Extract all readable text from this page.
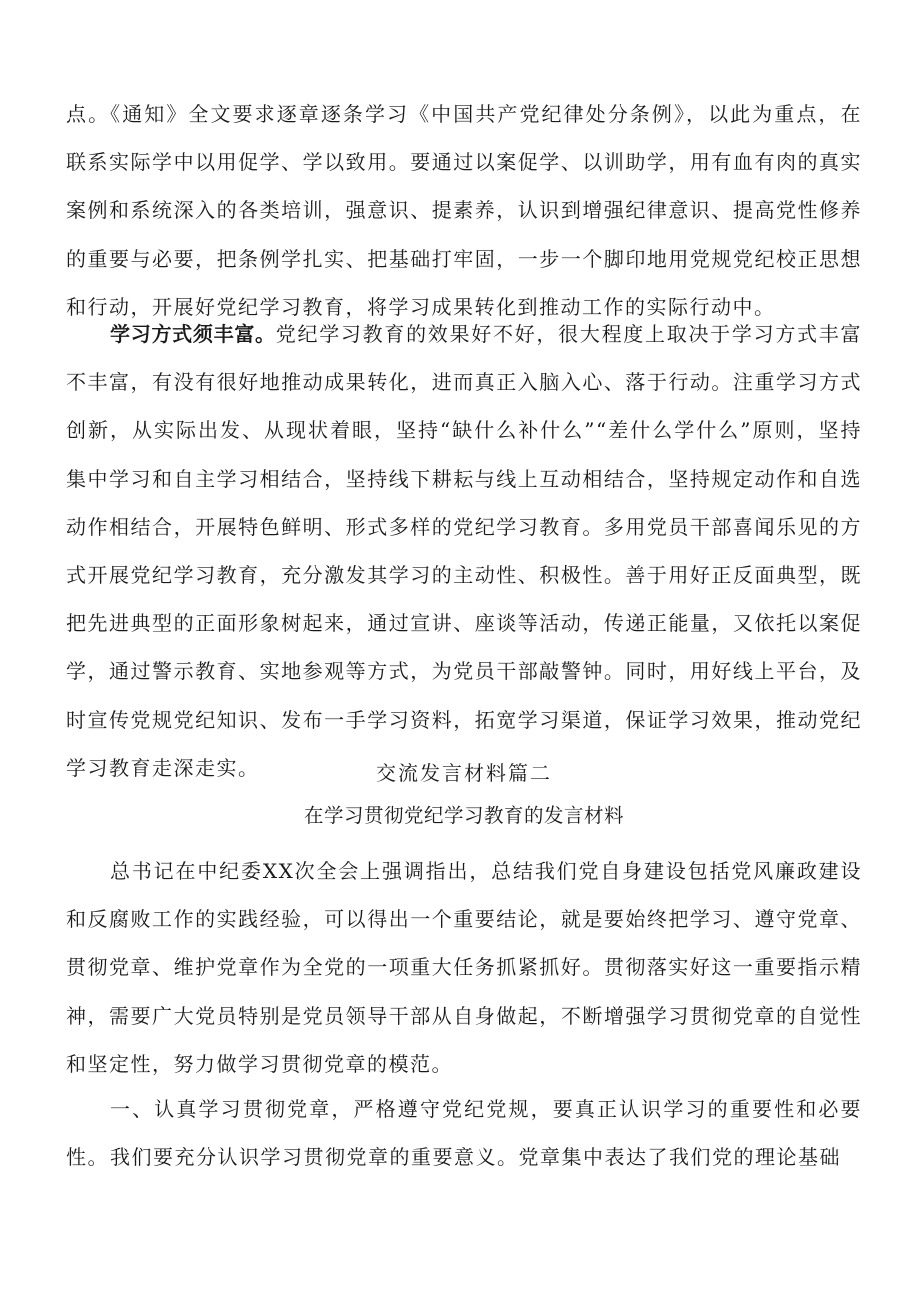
点。《通知》全文要求逐章逐条学习《中国共产党纪律处分条例》，以此为重点，在联系实际学中以用促学、学以致用。要通过以案促学、以训助学，用有血有肉的真实案例和系统深入的各类培训，强意识、提素养，认识到增强纪律意识、提高党性修养的重要与必要，把条例学扎实、把基础打牢固，一步一个脚印地用党规党纪校正思想和行动，开展好党纪学习教育，将学习成果转化到推动工作的实际行动中。

学习方式须丰富。党纪学习教育的效果好不好，很大程度上取决于学习方式丰富不丰富，有没有很好地推动成果转化，进而真正入脑入心、落于行动。注重学习方式创新，从实际出发、从现状着眼，坚持“缺什么补什么”“差什么学什么”原则，坚持集中学习和自主学习相结合，坚持线下耕耘与线上互动相结合，坚持规定动作和自选动作相结合，开展特色鲜明、形式多样的党纪学习教育。多用党员干部喜闻乐见的方式开展党纪学习教育，充分激发其学习的主动性、积极性。善于用好正反面典型，既把先进典型的正面形象树起来，通过宣讲、座谈等活动，传递正能量，又依托以案促学，通过警示教育、实地参观等方式，为党员干部敲警钟。同时，用好线上平台，及时宣传党规党纪知识、发布一手学习资料，拓宽学习渠道，保证学习效果，推动党纪学习教育走深走实。	交流发言材料篇二

在学习贯彻党纪学习教育的发言材料

总书记在中纪委XX次全会上强调指出，总结我们党自身建设包括党风廉政建设和反腐败工作的实践经验，可以得出一个重要结论，就是要始终把学习、遵守党章、贯彻党章、维护党章作为全党的一项重大任务抓紧抓好。贯彻落实好这一重要指示精神，需要广大党员特别是党员领导干部从自身做起，不断增强学习贯彻党章的自觉性和坚定性，努力做学习贯彻党章的模范。

一、认真学习贯彻党章，严格遵守党纪党规，要真正认识学习的重要性和必要性。 我们要充分认识学习贯彻党章的重要意义。党章集中表达了我们党的理论基础
